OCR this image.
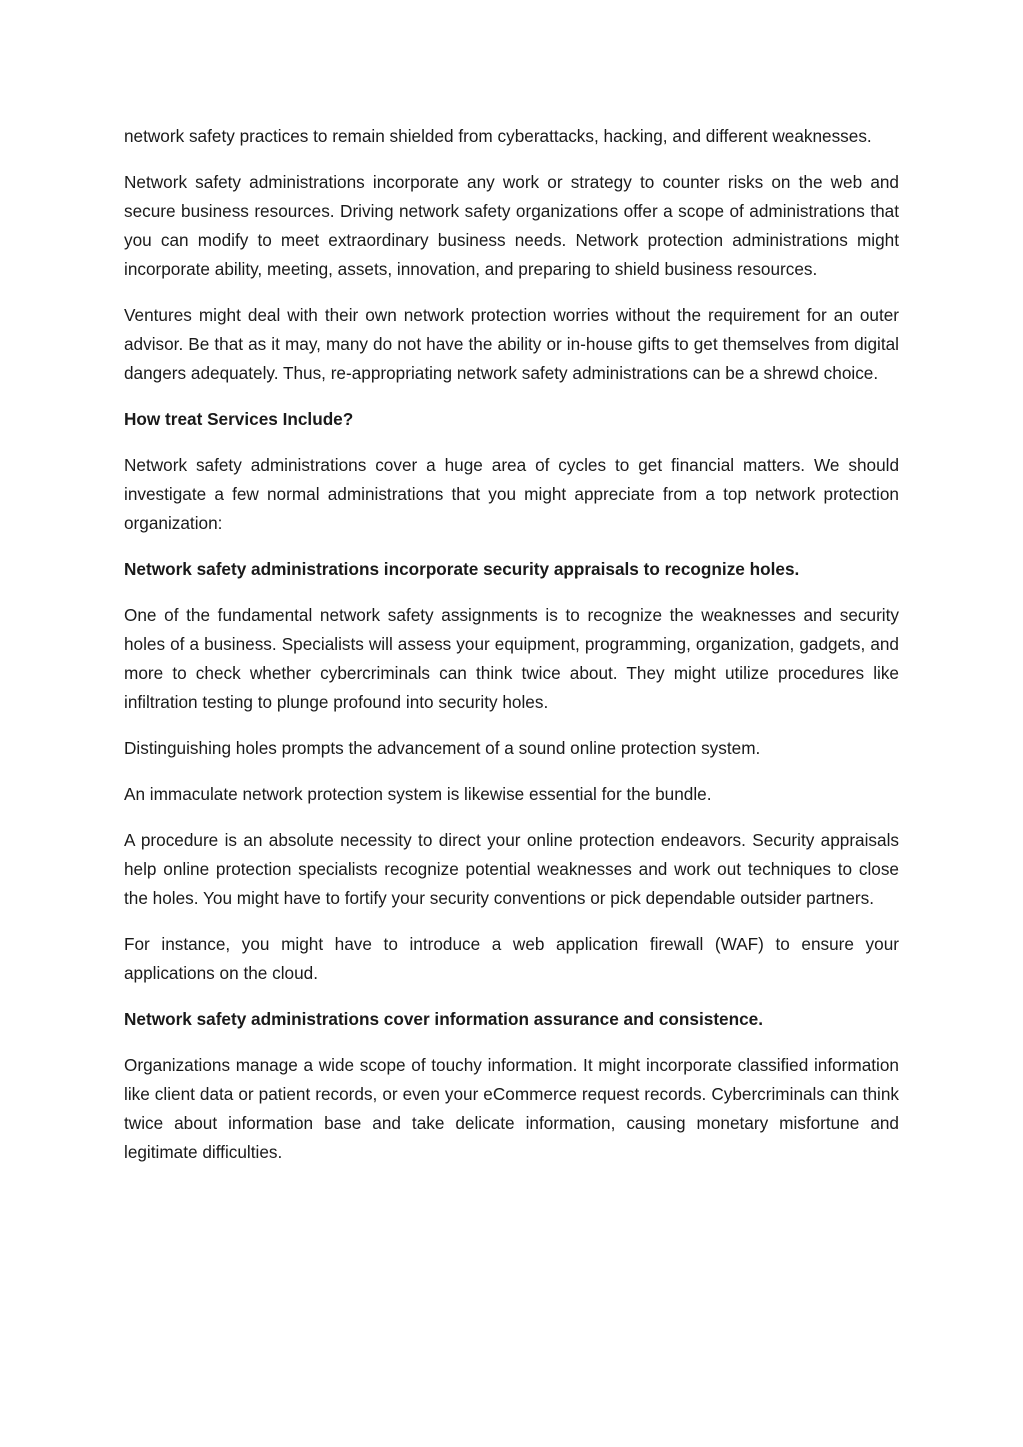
network safety practices to remain shielded from cyberattacks, hacking, and different weaknesses.

Network safety administrations incorporate any work or strategy to counter risks on the web and secure business resources. Driving network safety organizations offer a scope of administrations that you can modify to meet extraordinary business needs. Network protection administrations might incorporate ability, meeting, assets, innovation, and preparing to shield business resources.

Ventures might deal with their own network protection worries without the requirement for an outer advisor. Be that as it may, many do not have the ability or in-house gifts to get themselves from digital dangers adequately. Thus, re-appropriating network safety administrations can be a shrewd choice.

How treat Services Include?

Network safety administrations cover a huge area of cycles to get financial matters. We should investigate a few normal administrations that you might appreciate from a top network protection organization:

Network safety administrations incorporate security appraisals to recognize holes.

One of the fundamental network safety assignments is to recognize the weaknesses and security holes of a business. Specialists will assess your equipment, programming, organization, gadgets, and more to check whether cybercriminals can think twice about. They might utilize procedures like infiltration testing to plunge profound into security holes.

Distinguishing holes prompts the advancement of a sound online protection system.

An immaculate network protection system is likewise essential for the bundle.

A procedure is an absolute necessity to direct your online protection endeavors. Security appraisals help online protection specialists recognize potential weaknesses and work out techniques to close the holes. You might have to fortify your security conventions or pick dependable outsider partners.

For instance, you might have to introduce a web application firewall (WAF) to ensure your applications on the cloud.

Network safety administrations cover information assurance and consistence.

Organizations manage a wide scope of touchy information. It might incorporate classified information like client data or patient records, or even your eCommerce request records. Cybercriminals can think twice about information base and take delicate information, causing monetary misfortune and legitimate difficulties.
